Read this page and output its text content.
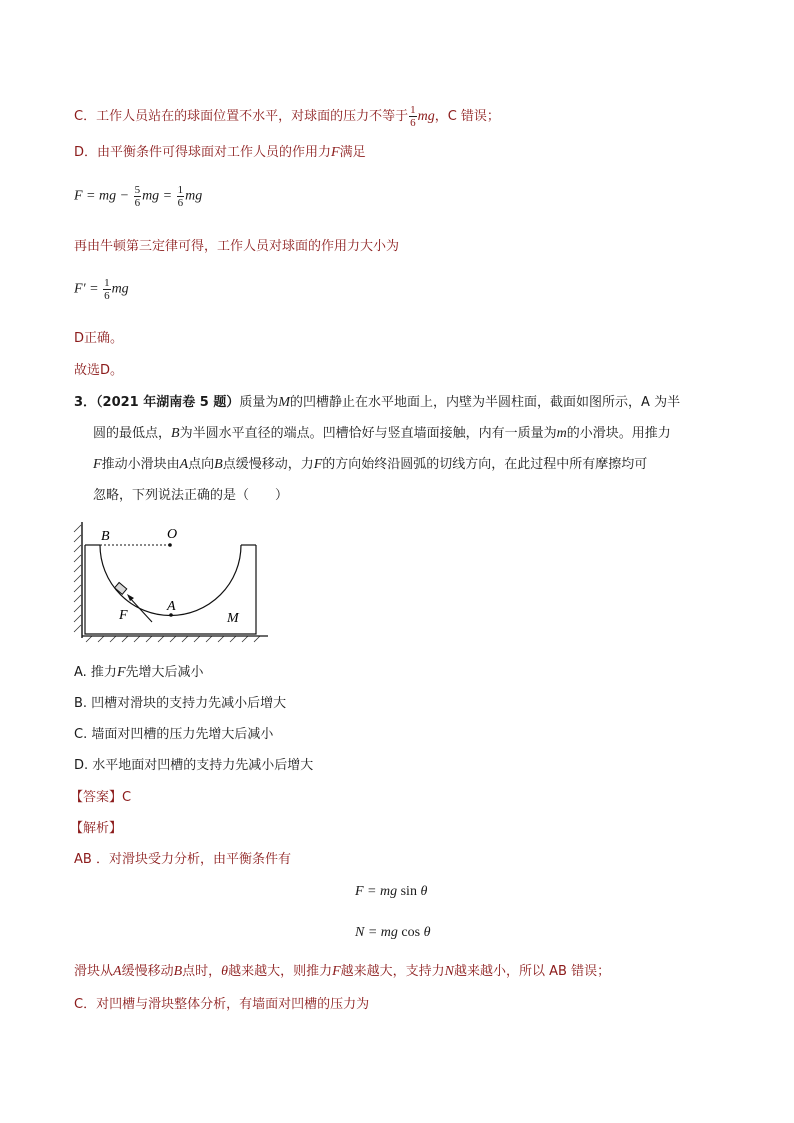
C．工作人员站在的球面位置不水平，对球面的压力不等于 $\frac{1}{6}$ mg，C 错误；
D．由平衡条件可得球面对工作人员的作用力F满足
F = mg − $\frac{5}{6}$ mg = $\frac{1}{6}$ mg
再由牛顿第三定律可得，工作人员对球面的作用力大小为
$F' = \frac{1}{6}$ mg
D正确。
故选D。
3．（2021 年湖南卷 5 题）质量为M的凹槽静止在水平地面上，内壁为半圆柱面，截面如图所示，A 为半
圆的最低点，B为半圆水平直径的端点。凹槽恰好与竖直墙面接触，内有一质量为m的小滑块。用推力
F推动小滑块由A点向B点缓慢移动，力F的方向始终沿圆弧的切线方向，在此过程中所有摩擦均可
忽略，下列说法正确的是（　　）
B	O
F
A
M
A. 推力F先增大后减小
B. 凹槽对滑块的支持力先减小后增大
C. 墙面对凹槽的压力先增大后减小
D. 水平地面对凹槽的支持力先减小后增大
【答案】C
【解析】
AB ．对滑块受力分析，由平衡条件有
F = mg sin θ
N = mg cos θ
滑块从A缓慢移动B点时，θ越来越大，则推力F越来越大，支持力N越来越小，所以 AB 错误；
C．对凹槽与滑块整体分析，有墙面对凹槽的压力为
